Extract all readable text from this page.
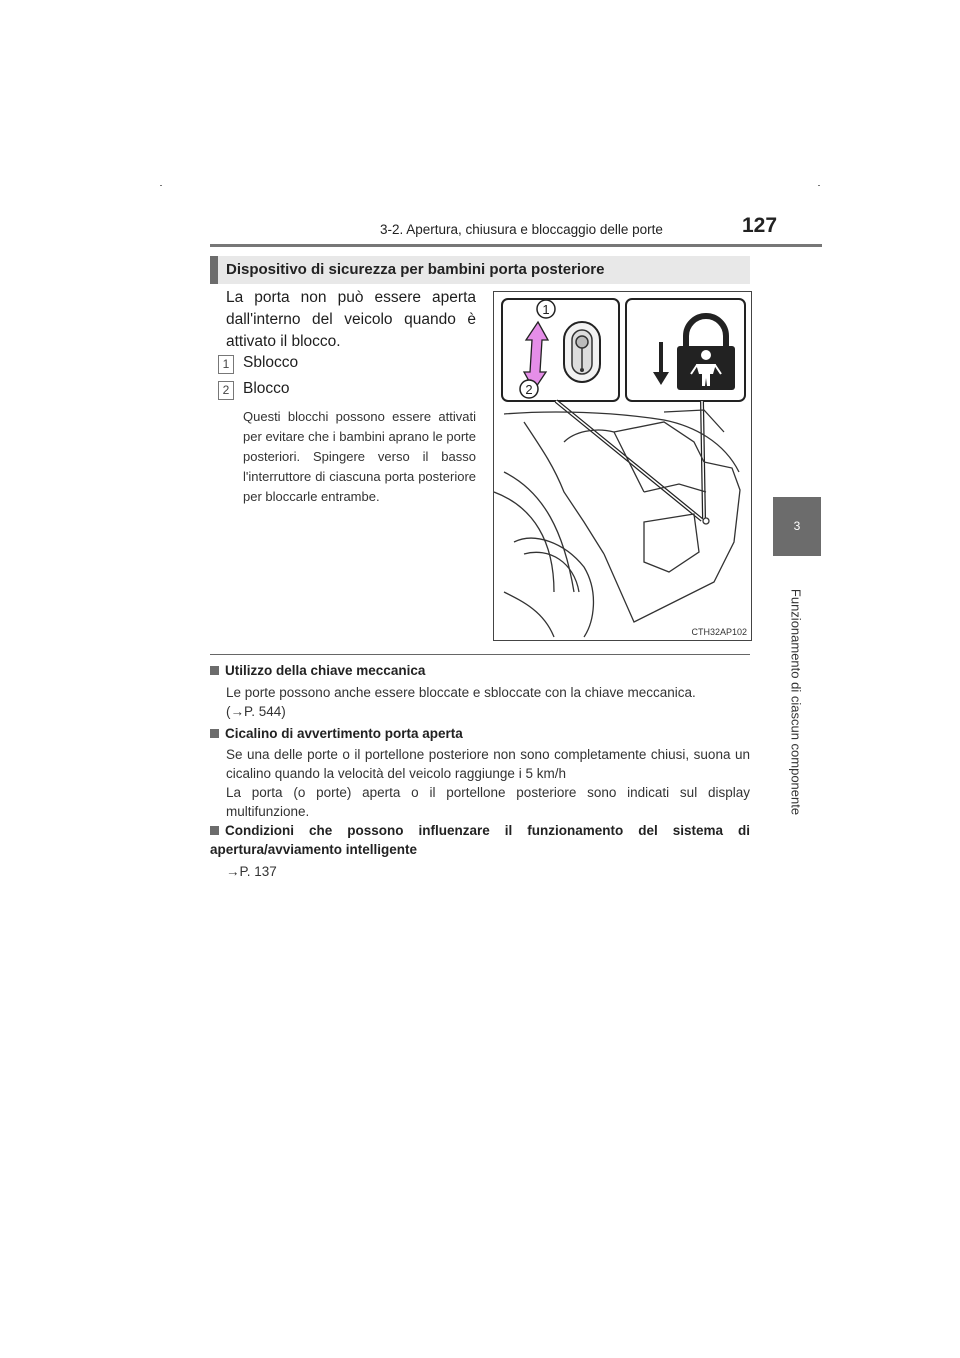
3-2. Apertura, chiusura e bloccaggio delle porte	127
3
Funzionamento di ciascun componente
Dispositivo di sicurezza per bambini porta posteriore
La porta non può essere aperta dall'interno del veicolo quando è attivato il blocco.
1 Sblocco
2 Blocco
Questi blocchi possono essere attivati per evitare che i bambini aprano le porte posteriori. Spingere verso il basso l'interruttore di ciascuna porta posteriore per bloccarle entrambe.
1
2
CTH32AP102
Utilizzo della chiave meccanica
Le porte possono anche essere bloccate e sbloccate con la chiave meccanica.
(→P. 544)
Cicalino di avvertimento porta aperta
Se una delle porte o il portellone posteriore non sono completamente chiusi, suona un cicalino quando la velocità del veicolo raggiunge i 5 km/h
La porta (o porte) aperta o il portellone posteriore sono indicati sul display multifunzione.
Condizioni che possono influenzare il funzionamento del sistema di apertura/avviamento intelligente
→P. 137
